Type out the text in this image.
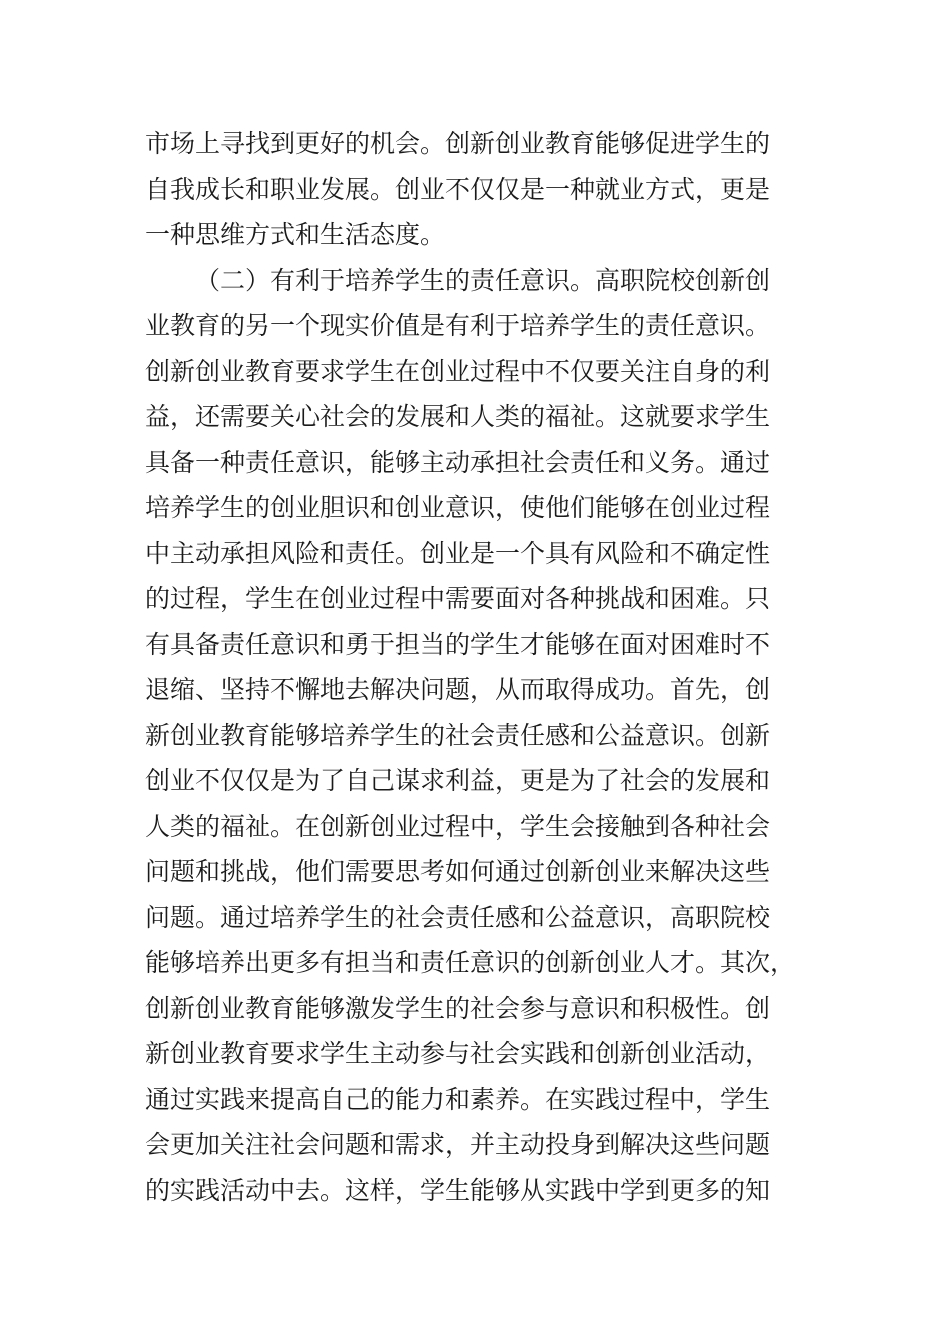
市场上寻找到更好的机会。创新创业教育能够促进学生的
自我成长和职业发展。创业不仅仅是一种就业方式，更是
一种思维方式和生活态度。
（二）有利于培养学生的责任意识。高职院校创新创
业教育的另一个现实价值是有利于培养学生的责任意识。
创新创业教育要求学生在创业过程中不仅要关注自身的利
益，还需要关心社会的发展和人类的福祉。这就要求学生
具备一种责任意识，能够主动承担社会责任和义务。通过
培养学生的创业胆识和创业意识，使他们能够在创业过程
中主动承担风险和责任。创业是一个具有风险和不确定性
的过程，学生在创业过程中需要面对各种挑战和困难。只
有具备责任意识和勇于担当的学生才能够在面对困难时不
退缩、坚持不懈地去解决问题，从而取得成功。首先，创
新创业教育能够培养学生的社会责任感和公益意识。创新
创业不仅仅是为了自己谋求利益，更是为了社会的发展和
人类的福祉。在创新创业过程中，学生会接触到各种社会
问题和挑战，他们需要思考如何通过创新创业来解决这些
问题。通过培养学生的社会责任感和公益意识，高职院校
能够培养出更多有担当和责任意识的创新创业人才。其次，
创新创业教育能够激发学生的社会参与意识和积极性。创
新创业教育要求学生主动参与社会实践和创新创业活动，
通过实践来提高自己的能力和素养。在实践过程中，学生
会更加关注社会问题和需求，并主动投身到解决这些问题
的实践活动中去。这样，学生能够从实践中学到更多的知
